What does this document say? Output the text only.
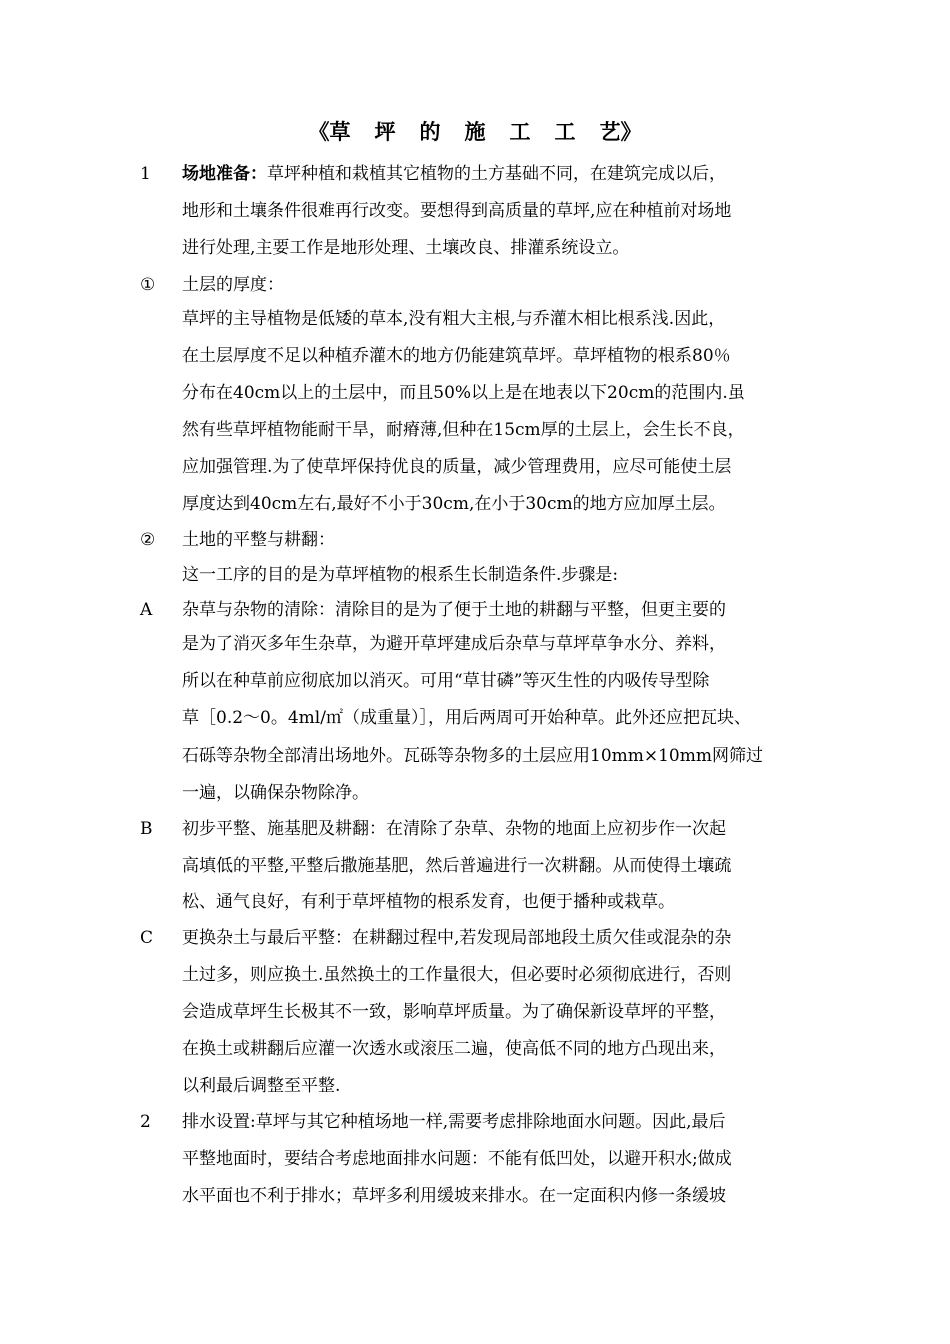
《草 坪 的 施 工 工 艺》
1	场地准备：草坪种植和栽植其它植物的土方基础不同，在建筑完成以后，
地形和土壤条件很难再行改变。要想得到高质量的草坪,应在种植前对场地
进行处理,主要工作是地形处理、土壤改良、排灌系统设立。
①	土层的厚度：
草坪的主导植物是低矮的草本,没有粗大主根,与乔灌木相比根系浅.因此，
在土层厚度不足以种植乔灌木的地方仍能建筑草坪。草坪植物的根系80％
分布在40cm以上的土层中，而且50%以上是在地表以下20cm的范围内.虽
然有些草坪植物能耐干旱，耐瘠薄,但种在15cm厚的土层上，会生长不良，
应加强管理.为了使草坪保持优良的质量，减少管理费用，应尽可能使土层
厚度达到40cm左右,最好不小于30cm,在小于30cm的地方应加厚土层。
②	土地的平整与耕翻：
这一工序的目的是为草坪植物的根系生长制造条件.步骤是:
A	杂草与杂物的清除：清除目的是为了便于土地的耕翻与平整，但更主要的
是为了消灭多年生杂草，为避开草坪建成后杂草与草坪草争水分、养料，
所以在种草前应彻底加以消灭。可用“草甘磷”等灭生性的内吸传导型除
草［0.2～0。4ml/㎡（成重量）］，用后两周可开始种草。此外还应把瓦块、
石砾等杂物全部清出场地外。瓦砾等杂物多的土层应用10mm×10mm网筛过
一遍，以确保杂物除净。
B	初步平整、施基肥及耕翻：在清除了杂草、杂物的地面上应初步作一次起
高填低的平整,平整后撒施基肥，然后普遍进行一次耕翻。从而使得土壤疏
松、通气良好，有利于草坪植物的根系发育，也便于播种或栽草。
C	更换杂土与最后平整：在耕翻过程中,若发现局部地段土质欠佳或混杂的杂
土过多，则应换土.虽然换土的工作量很大，但必要时必须彻底进行，否则
会造成草坪生长极其不一致，影响草坪质量。为了确保新设草坪的平整，
在换土或耕翻后应灌一次透水或滚压二遍，使高低不同的地方凸现出来，
以利最后调整至平整.
2	排水设置:草坪与其它种植场地一样,需要考虑排除地面水问题。因此,最后
平整地面时，要结合考虑地面排水问题：不能有低凹处，以避开积水;做成
水平面也不利于排水；草坪多利用缓坡来排水。在一定面积内修一条缓坡
